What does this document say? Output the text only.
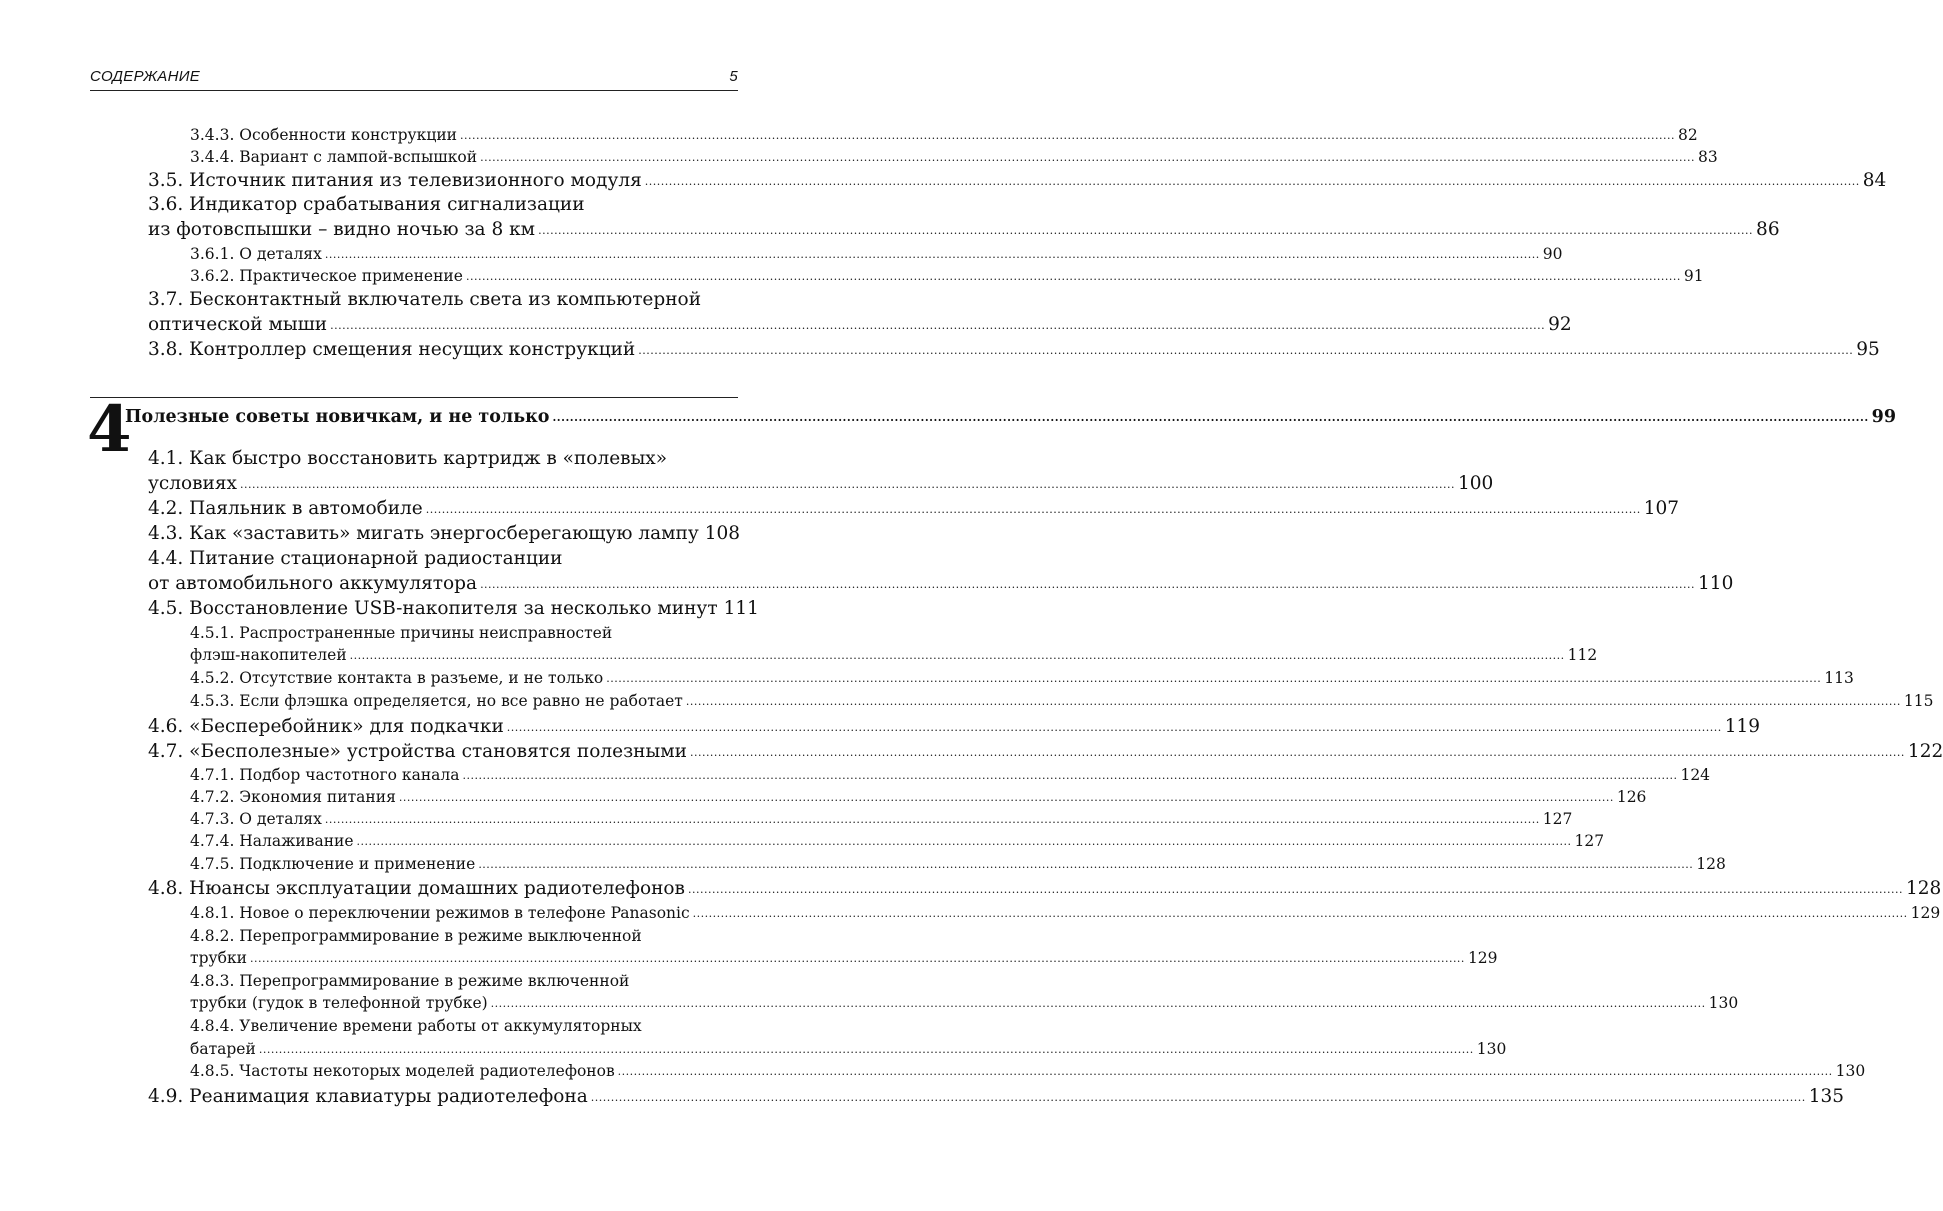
СОДЕРЖАНИЕ	5
3.4.3. Особенности конструкции .....	82
3.4.4. Вариант с лампой-вспышкой .....	83
3.5. Источник питания из телевизионного модуля .....	84
3.6. Индикатор срабатывания сигнализации
из фотовспышки – видно ночью за 8 км .....	86
3.6.1. О деталях .....	90
3.6.2. Практическое применение .....	91
3.7. Бесконтактный включатель света из компьютерной
оптической мыши .....	92
3.8. Контроллер смещения несущих конструкций .....	95
4
Полезные советы новичкам, и не только .....	99
4.1. Как быстро восстановить картридж в «полевых»
условиях .....	100
4.2. Паяльник в автомобиле .....	107
4.3. Как «заставить» мигать энергосберегающую лампу 108
4.4. Питание стационарной радиостанции
от автомобильного аккумулятора .....	110
4.5. Восстановление USB-накопителя за несколько минут 111
4.5.1. Распространенные причины неисправностей
флэш-накопителей .....	112
4.5.2. Отсутствие контакта в разъеме, и не только .....	113
4.5.3. Если флэшка определяется, но все равно не работает .....	115
4.6. «Бесперебойник» для подкачки .....	119
4.7. «Бесполезные» устройства становятся полезными .....	122
4.7.1. Подбор частотного канала .....	124
4.7.2. Экономия питания .....	126
4.7.3. О деталях .....	127
4.7.4. Налаживание .....	127
4.7.5. Подключение и применение .....	128
4.8. Нюансы эксплуатации домашних радиотелефонов .....	128
4.8.1. Новое о переключении режимов в телефоне Panasonic .....	129
4.8.2. Перепрограммирование в режиме выключенной
трубки .....	129
4.8.3. Перепрограммирование в режиме включенной
трубки (гудок в телефонной трубке) .....	130
4.8.4. Увеличение времени работы от аккумуляторных
батарей .....	130
4.8.5. Частоты некоторых моделей радиотелефонов .....	130
4.9. Реанимация клавиатуры радиотелефона .....	135
